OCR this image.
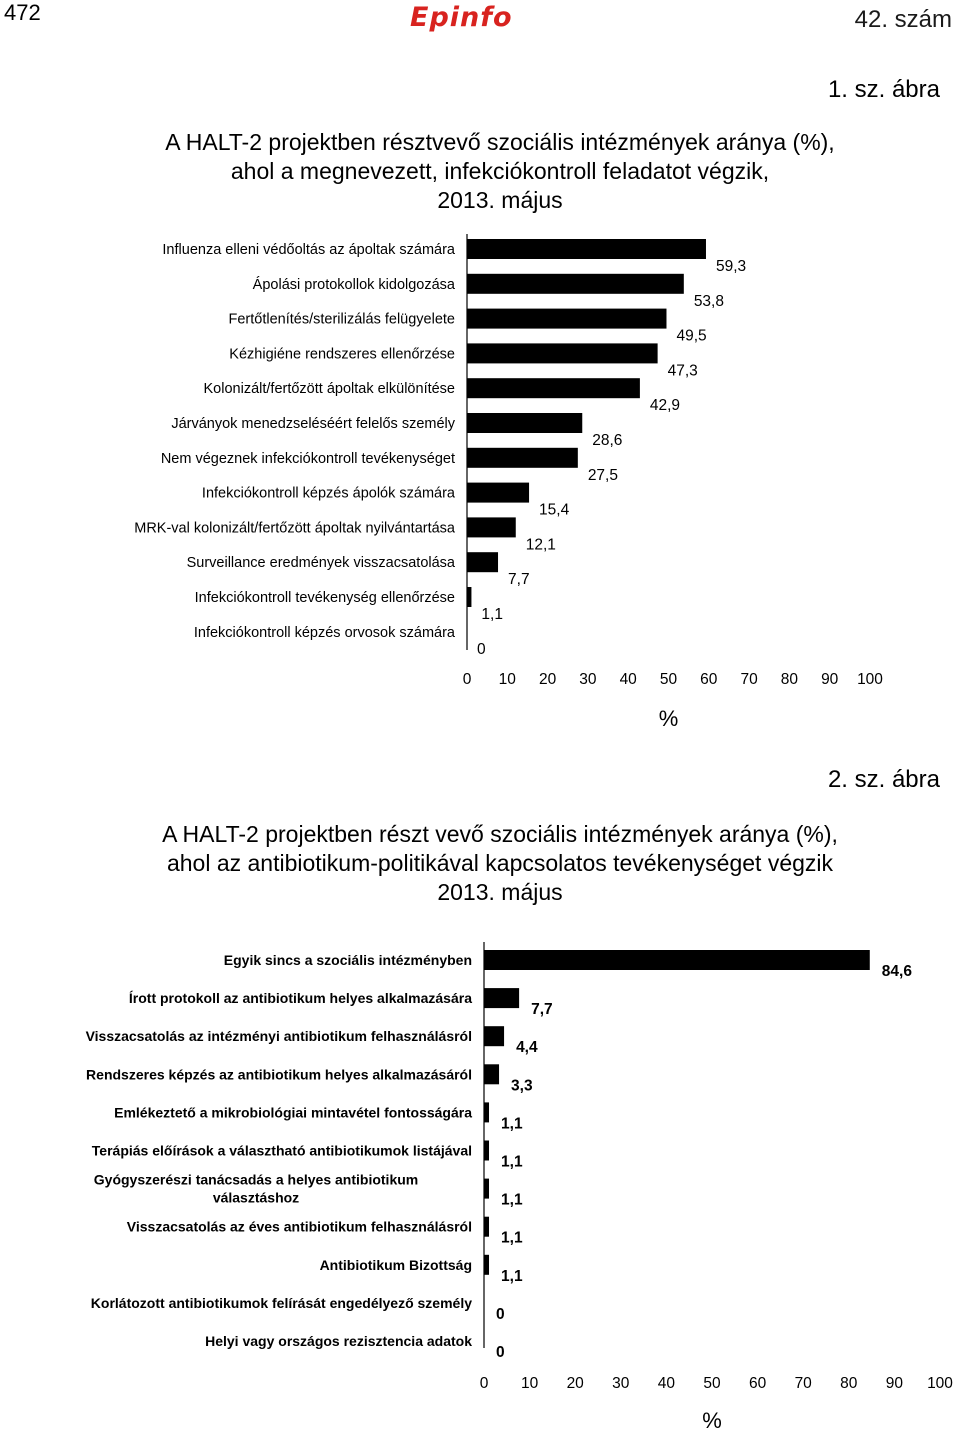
472	Epinfo	42. szám
1. sz. ábra
A HALT-2 projektben résztvevő szociális intézmények aránya (%),
ahol a megnevezett, infekciókontroll feladatot végzik,
2013. május
Influenza elleni védőoltás az ápoltak számára
59,3
Ápolási protokollok kidolgozása
53,8
Fertőtlenítés/sterilizálás felügyelete
49,5
Kézhigiéne rendszeres ellenőrzése
47,3
Kolonizált/fertőzött ápoltak elkülönítése
42,9
Járványok menedzseléséért felelős személy
28,6
Nem végeznek infekciókontroll tevékenységet
27,5
Infekciókontroll képzés ápolók számára
15,4
MRK-val kolonizált/fertőzött ápoltak nyilvántartása
12,1
Surveillance eredmények visszacsatolása
7,7
Infekciókontroll tevékenység ellenőrzése
1,1
Infekciókontroll képzés orvosok számára
0
0 10 20 30 40 50 60 70 80 90 100
%
2. sz. ábra
A HALT-2 projektben részt vevő szociális intézmények aránya (%),
ahol az antibiotikum-politikával kapcsolatos tevékenységet végzik
2013. május
Egyik sincs a szociális intézményben
84,6
Írott protokoll az antibiotikum helyes alkalmazására
7,7
Visszacsatolás az intézményi antibiotikum felhasználásról
4,4
Rendszeres képzés az antibiotikum helyes alkalmazásáról
3,3
Emlékeztető a mikrobiológiai mintavétel fontosságára
1,1
Terápiás előírások a választható antibiotikumok listájával
1,1
Gyógyszerészi tanácsadás a helyes antibiotikum választáshoz	1,1
Visszacsatolás az éves antibiotikum felhasználásról
1,1
Antibiotikum Bizottság
1,1
Korlátozott antibiotikumok felírását engedélyező személy
0
Helyi vagy országos rezisztencia adatok
0
0 10 20 30 40 50 60 70 80 90 100
%
